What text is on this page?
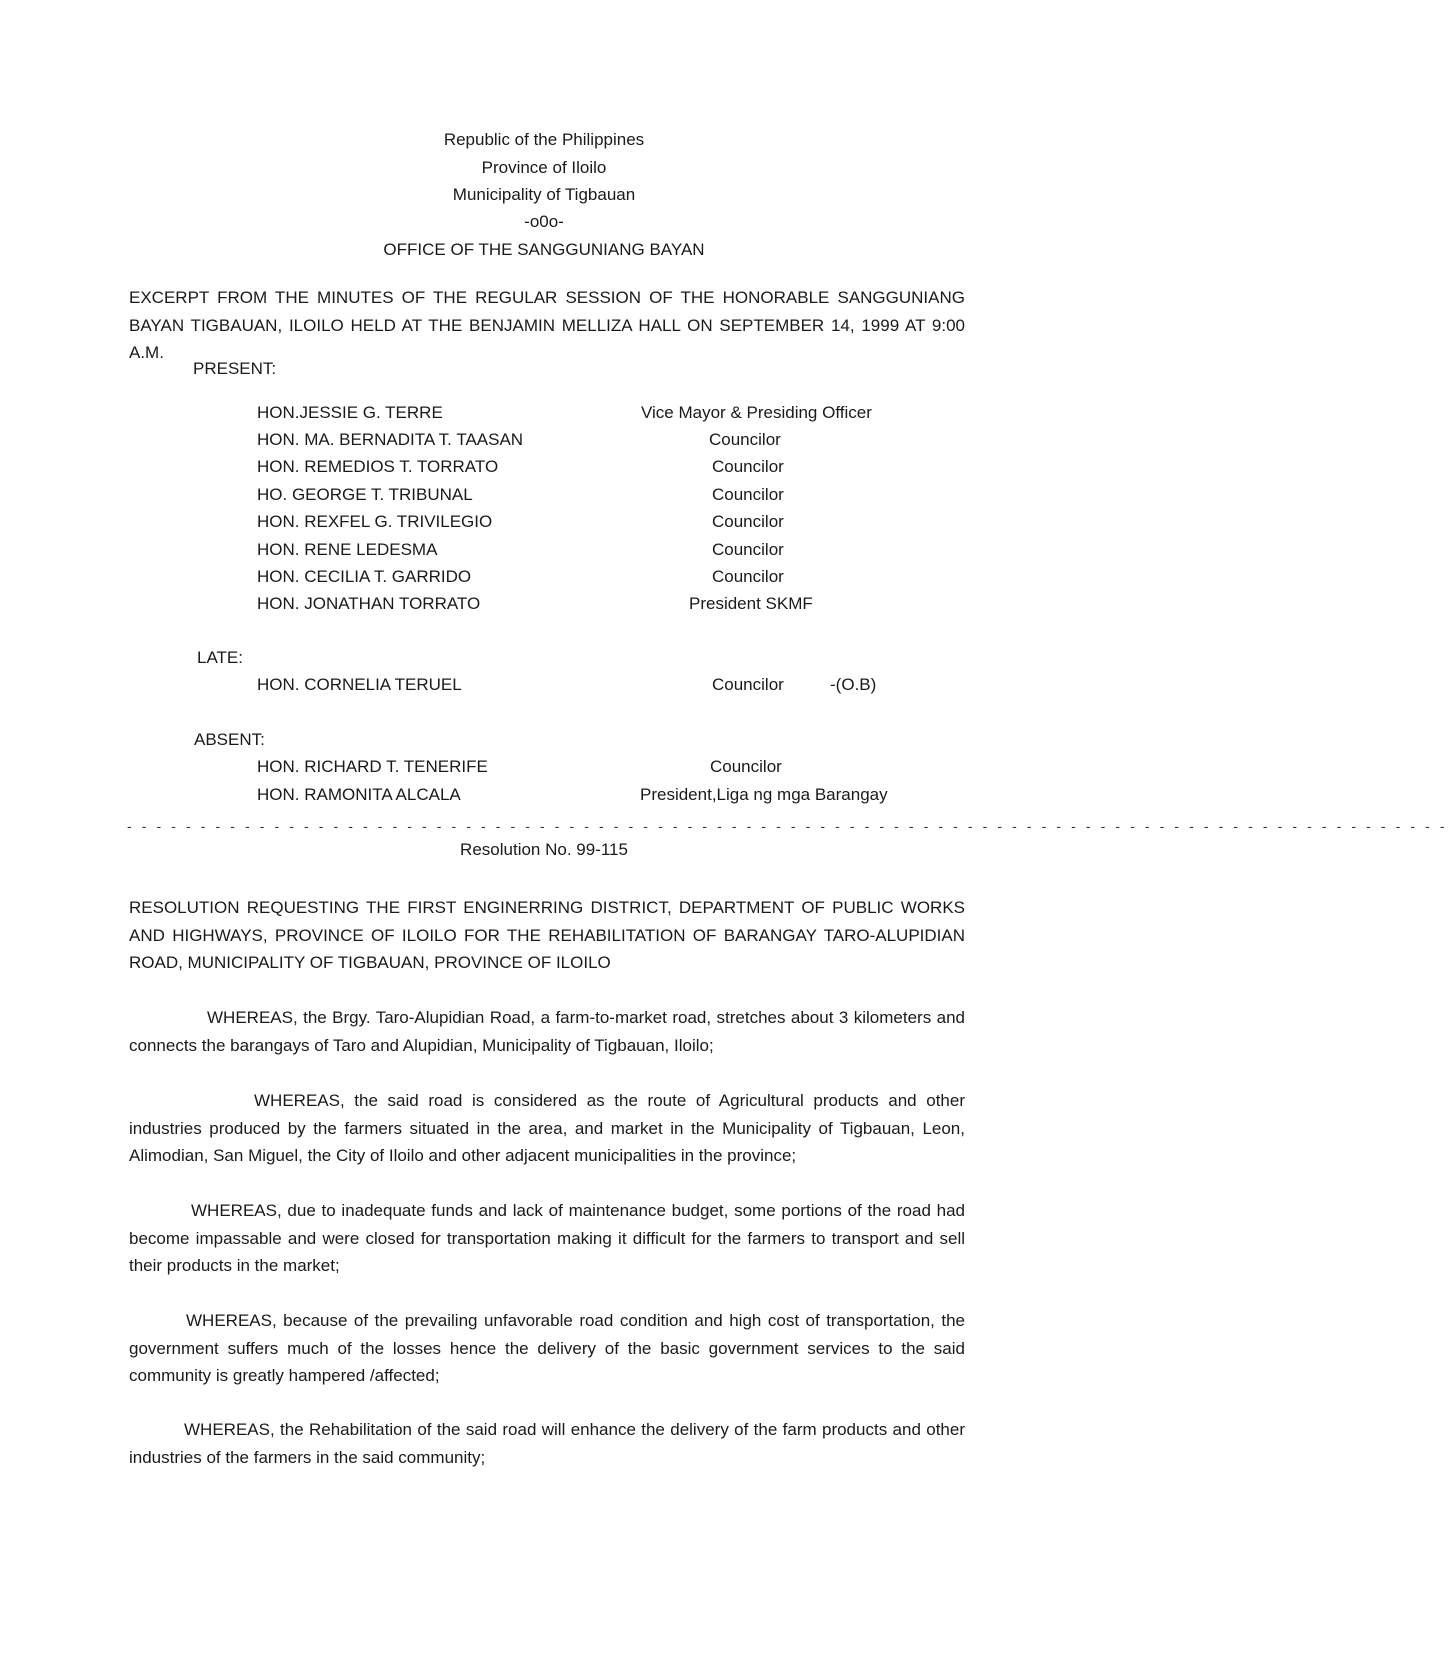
Republic of the Philippines
Province of Iloilo
Municipality of Tigbauan
-o0o-
OFFICE OF THE SANGGUNIANG BAYAN
EXCERPT FROM THE MINUTES OF THE REGULAR SESSION OF THE HONORABLE SANGGUNIANG BAYAN TIGBAUAN, ILOILO HELD AT THE BENJAMIN MELLIZA HALL ON SEPTEMBER 14, 1999 AT 9:00 A.M.
PRESENT:
HON.JESSIE G. TERRE	Vice Mayor & Presiding Officer
HON. MA. BERNADITA T. TAASAN	Councilor
HON. REMEDIOS T. TORRATO	Councilor
HO. GEORGE T. TRIBUNAL	Councilor
HON. REXFEL G. TRIVILEGIO	Councilor
HON. RENE LEDESMA	Councilor
HON. CECILIA T. GARRIDO	Councilor
HON. JONATHAN TORRATO	President SKMF
LATE:
HON. CORNELIA TERUEL	Councilor	-(O.B)
ABSENT:
HON. RICHARD T. TENERIFE	Councilor
HON. RAMONITA ALCALA	President,Liga ng mga Barangay
- - - - - - - - - - - - - - - - - - - - - - - - - - - - - - - - - - - - - - - - - - - - - - - - - - - - - - - - - - - - - - - - - - - - - - - - - - - - - - - - - - - - - - - - - -
Resolution No. 99-115
RESOLUTION REQUESTING THE FIRST ENGINERRING DISTRICT, DEPARTMENT OF PUBLIC WORKS AND HIGHWAYS, PROVINCE OF ILOILO FOR THE REHABILITATION OF BARANGAY TARO-ALUPIDIAN ROAD, MUNICIPALITY OF TIGBAUAN, PROVINCE OF ILOILO
WHEREAS, the Brgy. Taro-Alupidian Road, a farm-to-market road, stretches about 3 kilometers and connects the barangays of Taro and Alupidian, Municipality of Tigbauan, Iloilo;
WHEREAS, the said road is considered as the route of Agricultural products and other industries produced by the farmers situated in the area, and market in the Municipality of Tigbauan, Leon, Alimodian, San Miguel, the City of Iloilo and other adjacent municipalities in the province;
WHEREAS, due to inadequate funds and lack of maintenance budget, some portions of the road had become impassable and were closed for transportation making it difficult for the farmers to transport and sell their products in the market;
WHEREAS, because of the prevailing unfavorable road condition and high cost of transportation, the government suffers much of the losses hence the delivery of the basic government services to the said community is greatly hampered /affected;
WHEREAS, the Rehabilitation of the said road will enhance the delivery of the farm products and other industries of the farmers in the said community;
